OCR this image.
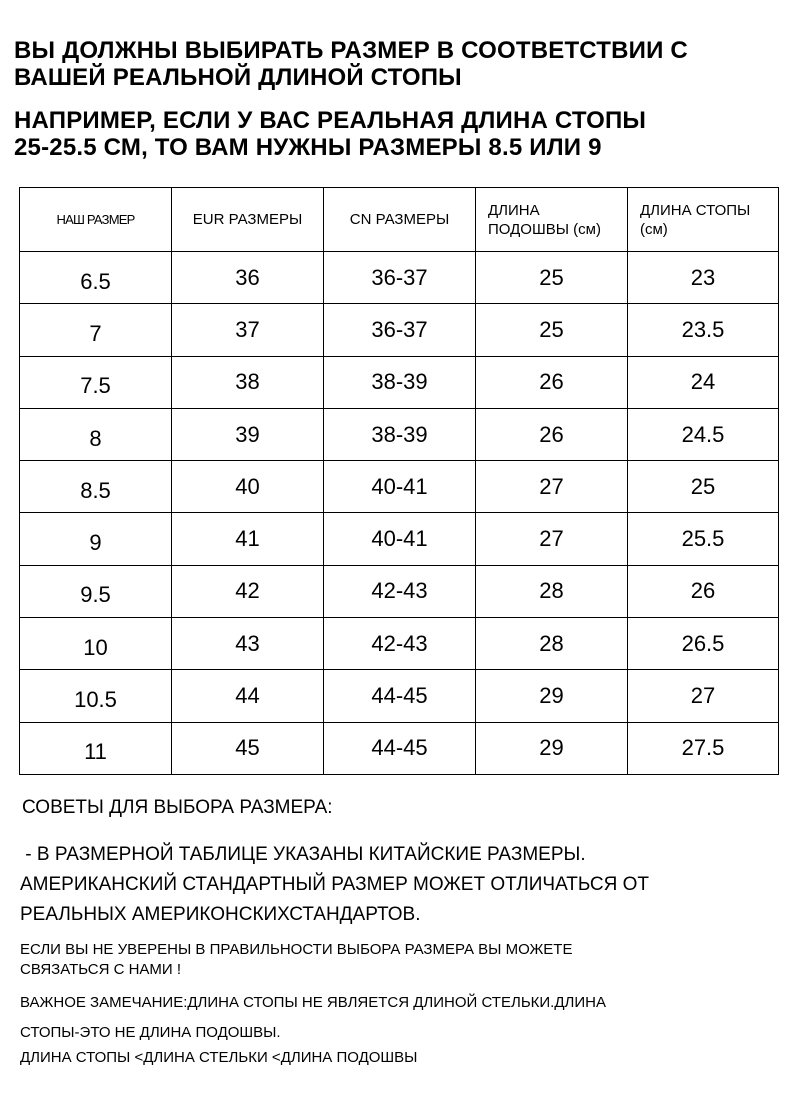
ВЫ ДОЛЖНЫ ВЫБИРАТЬ РАЗМЕР В СООТВЕТСТВИИ С
ВАШЕЙ РЕАЛЬНОЙ ДЛИНОЙ СТОПЫ
НАПРИМЕР, ЕСЛИ У ВАС РЕАЛЬНАЯ ДЛИНА СТОПЫ
25-25.5 СМ, ТО ВАМ НУЖНЫ РАЗМЕРЫ 8.5 ИЛИ 9
НАШ РАЗМЕР	EUR РАЗМЕРЫ	CN РАЗМЕРЫ	ДЛИНА
ПОДОШВЫ (см)	ДЛИНА СТОПЫ
(см)
6.5	36	36-37	25	23
7	37	36-37	25	23.5
7.5	38	38-39	26	24
8	39	38-39	26	24.5
8.5	40	40-41	27	25
9	41	40-41	27	25.5
9.5	42	42-43	28	26
10	43	42-43	28	26.5
10.5	44	44-45	29	27
11	45	44-45	29	27.5

СОВЕТЫ ДЛЯ ВЫБОРА РАЗМЕРА:

- В РАЗМЕРНОЙ ТАБЛИЦЕ УКАЗАНЫ КИТАЙСКИЕ РАЗМЕРЫ.
АМЕРИКАНСКИЙ СТАНДАРТНЫЙ РАЗМЕР МОЖЕТ ОТЛИЧАТЬСЯ ОТ
РЕАЛЬНЫХ АМЕРИКОНСКИХСТАНДАРТОВ.

ЕСЛИ ВЫ НЕ УВЕРЕНЫ В ПРАВИЛЬНОСТИ ВЫБОРА РАЗМЕРА ВЫ МОЖЕТЕ
СВЯЗАТЬСЯ С НАМИ !

ВАЖНОЕ ЗАМЕЧАНИЕ:ДЛИНА СТОПЫ НЕ ЯВЛЯЕТСЯ ДЛИНОЙ СТЕЛЬКИ.ДЛИНА
СТОПЫ-ЭТО НЕ ДЛИНА ПОДОШВЫ.

ДЛИНА СТОПЫ <ДЛИНА СТЕЛЬКИ <ДЛИНА ПОДОШВЫ
